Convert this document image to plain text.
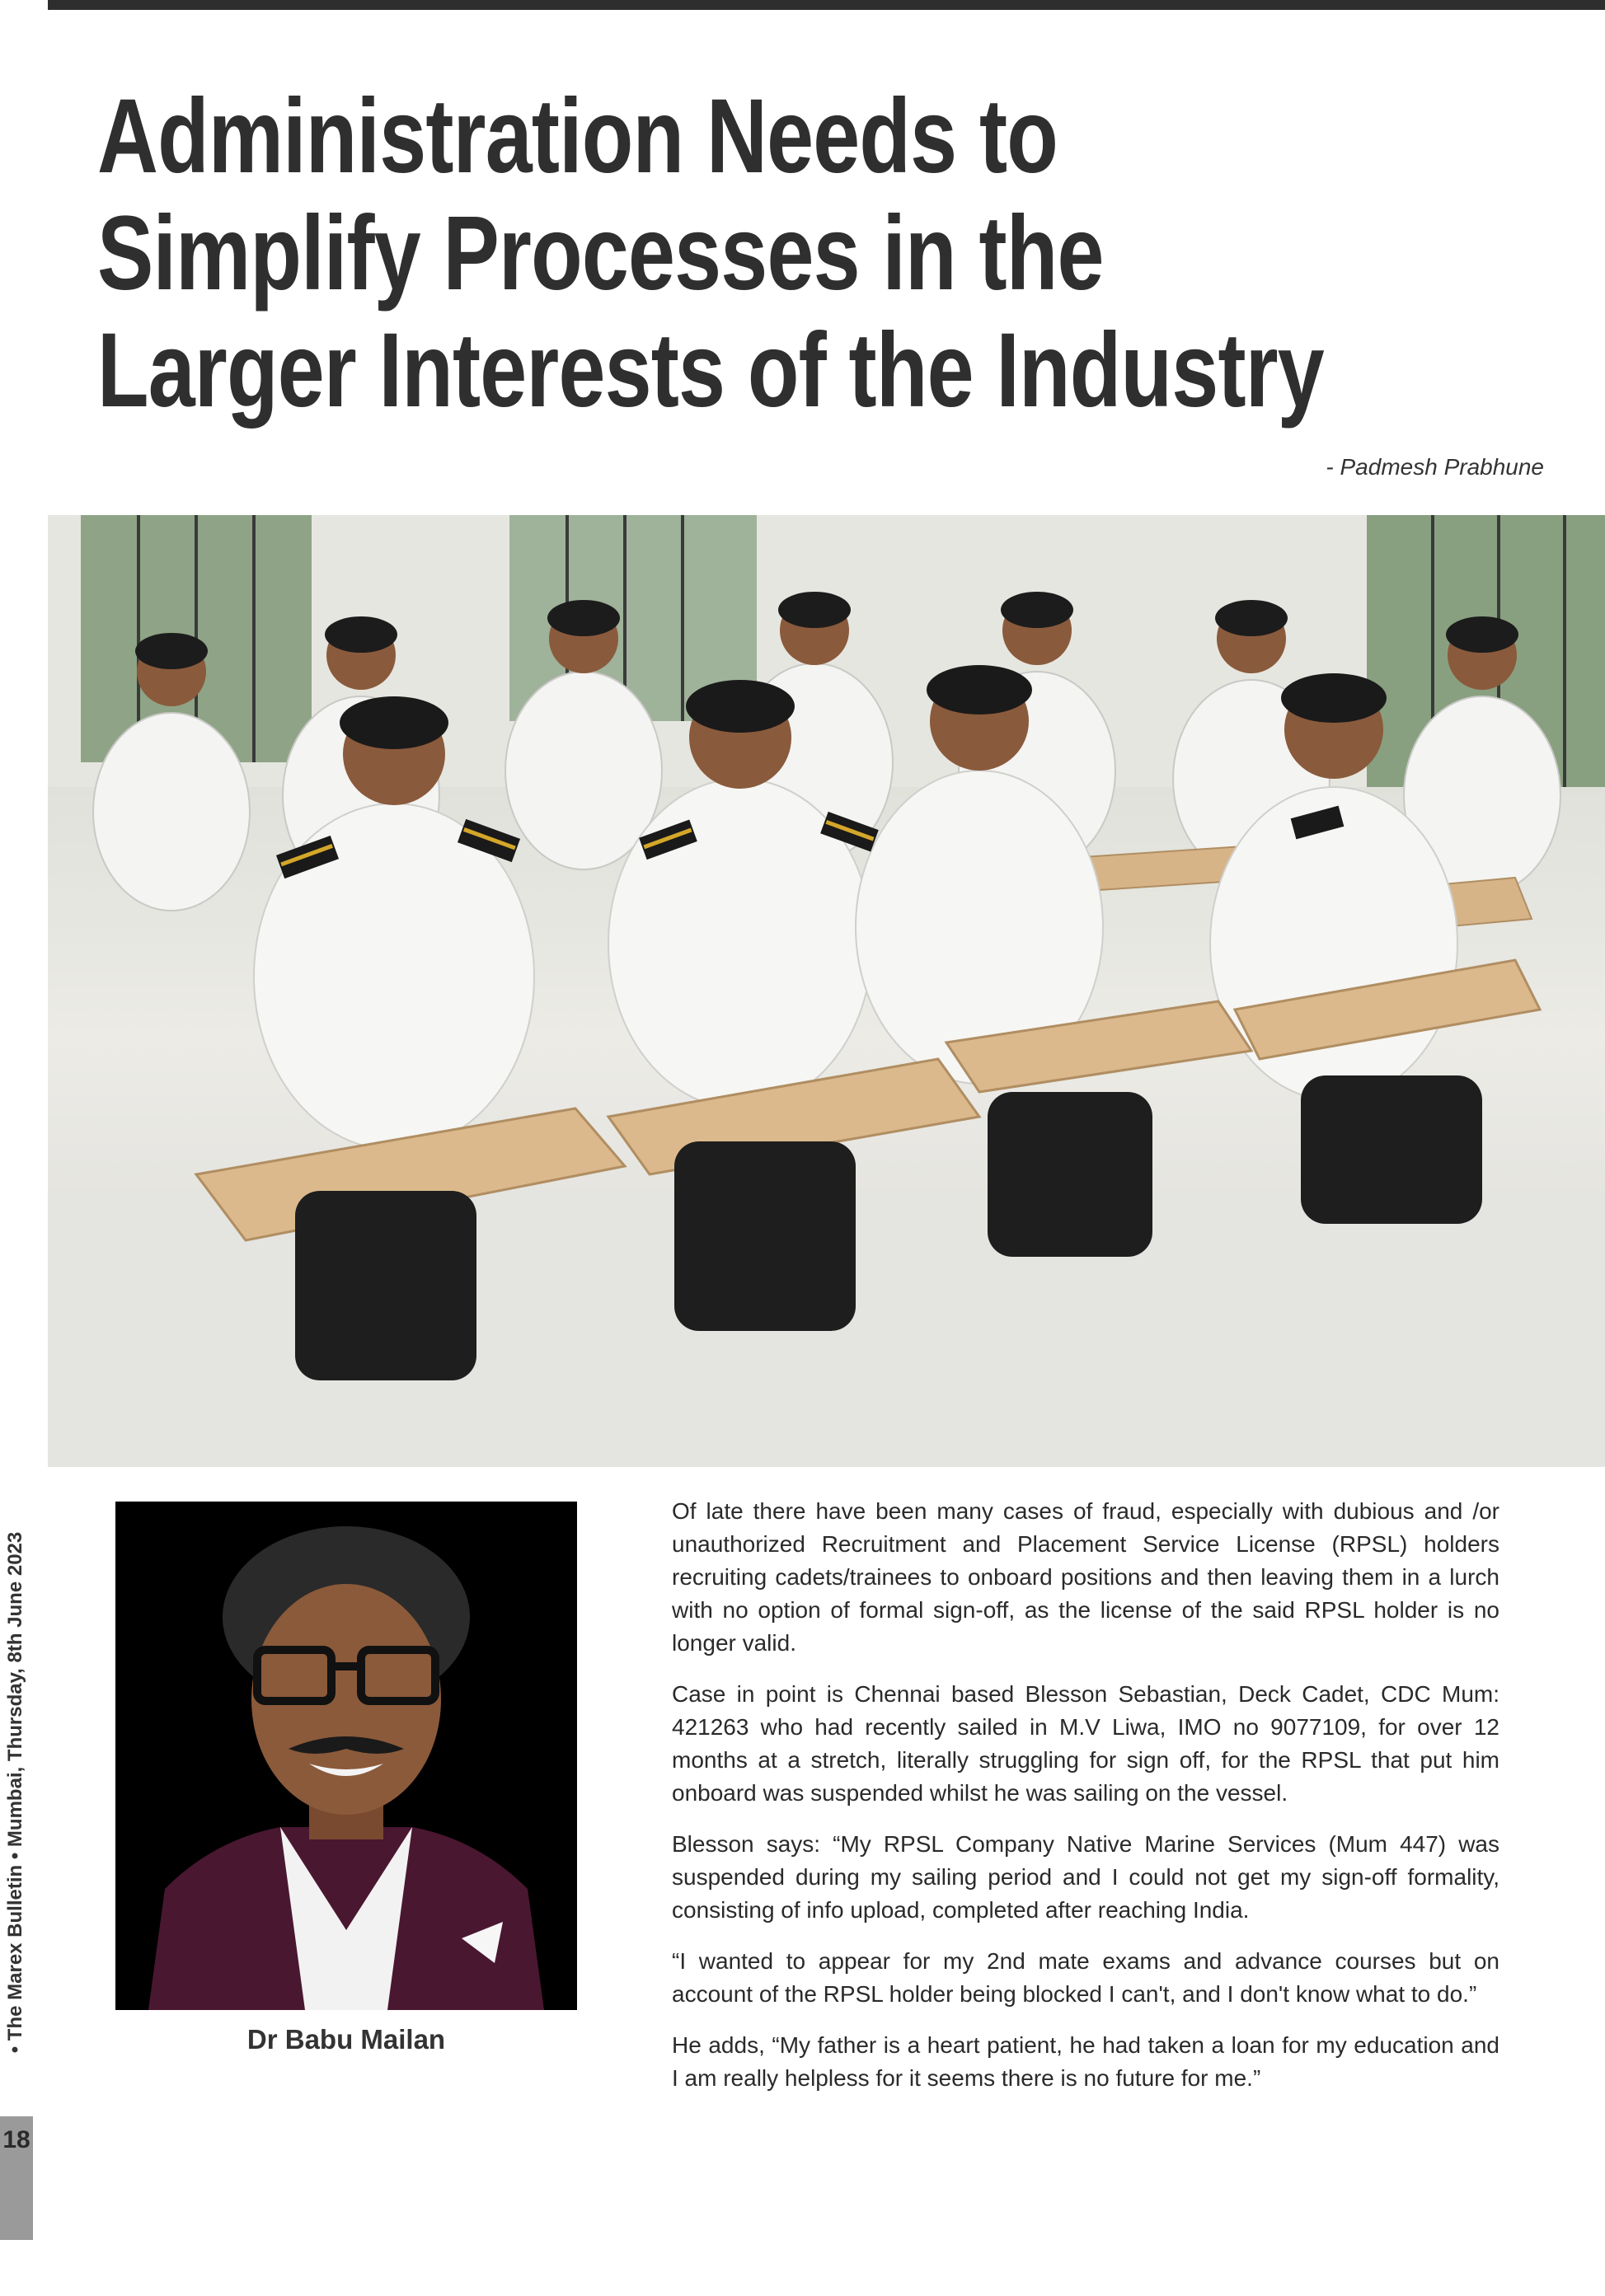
Administration Needs to
Simplify Processes in the
Larger Interests of the Industry
- Padmesh Prabhune
Dr Babu Mailan

Of late there have been many cases of fraud, especially with dubious and /or unauthorized Recruitment and Placement Service License (RPSL) holders recruiting cadets/trainees to onboard positions and then leaving them in a lurch with no option of formal sign-off, as the license of the said RPSL holder is no longer valid.

Case in point is Chennai based Blesson Sebastian, Deck Cadet, CDC Mum: 421263 who had recently sailed in M.V Liwa, IMO no 9077109, for over 12 months at a stretch, literally struggling for sign off, for the RPSL that put him onboard was suspended whilst he was sailing on the vessel.

Blesson says: “My RPSL Company Native Marine Services (Mum 447) was suspended during my sailing period and I could not get my sign-off formality, consisting of info upload, completed after reaching India.

“I wanted to appear for my 2nd mate exams and advance courses but on account of the RPSL holder being blocked I can't, and I don't know what to do.”

He adds, “My father is a heart patient, he had taken a loan for my education and I am really helpless for it seems there is no future for me.”

• The Marex Bulletin • Mumbai, Thursday, 8th June 2023
18
